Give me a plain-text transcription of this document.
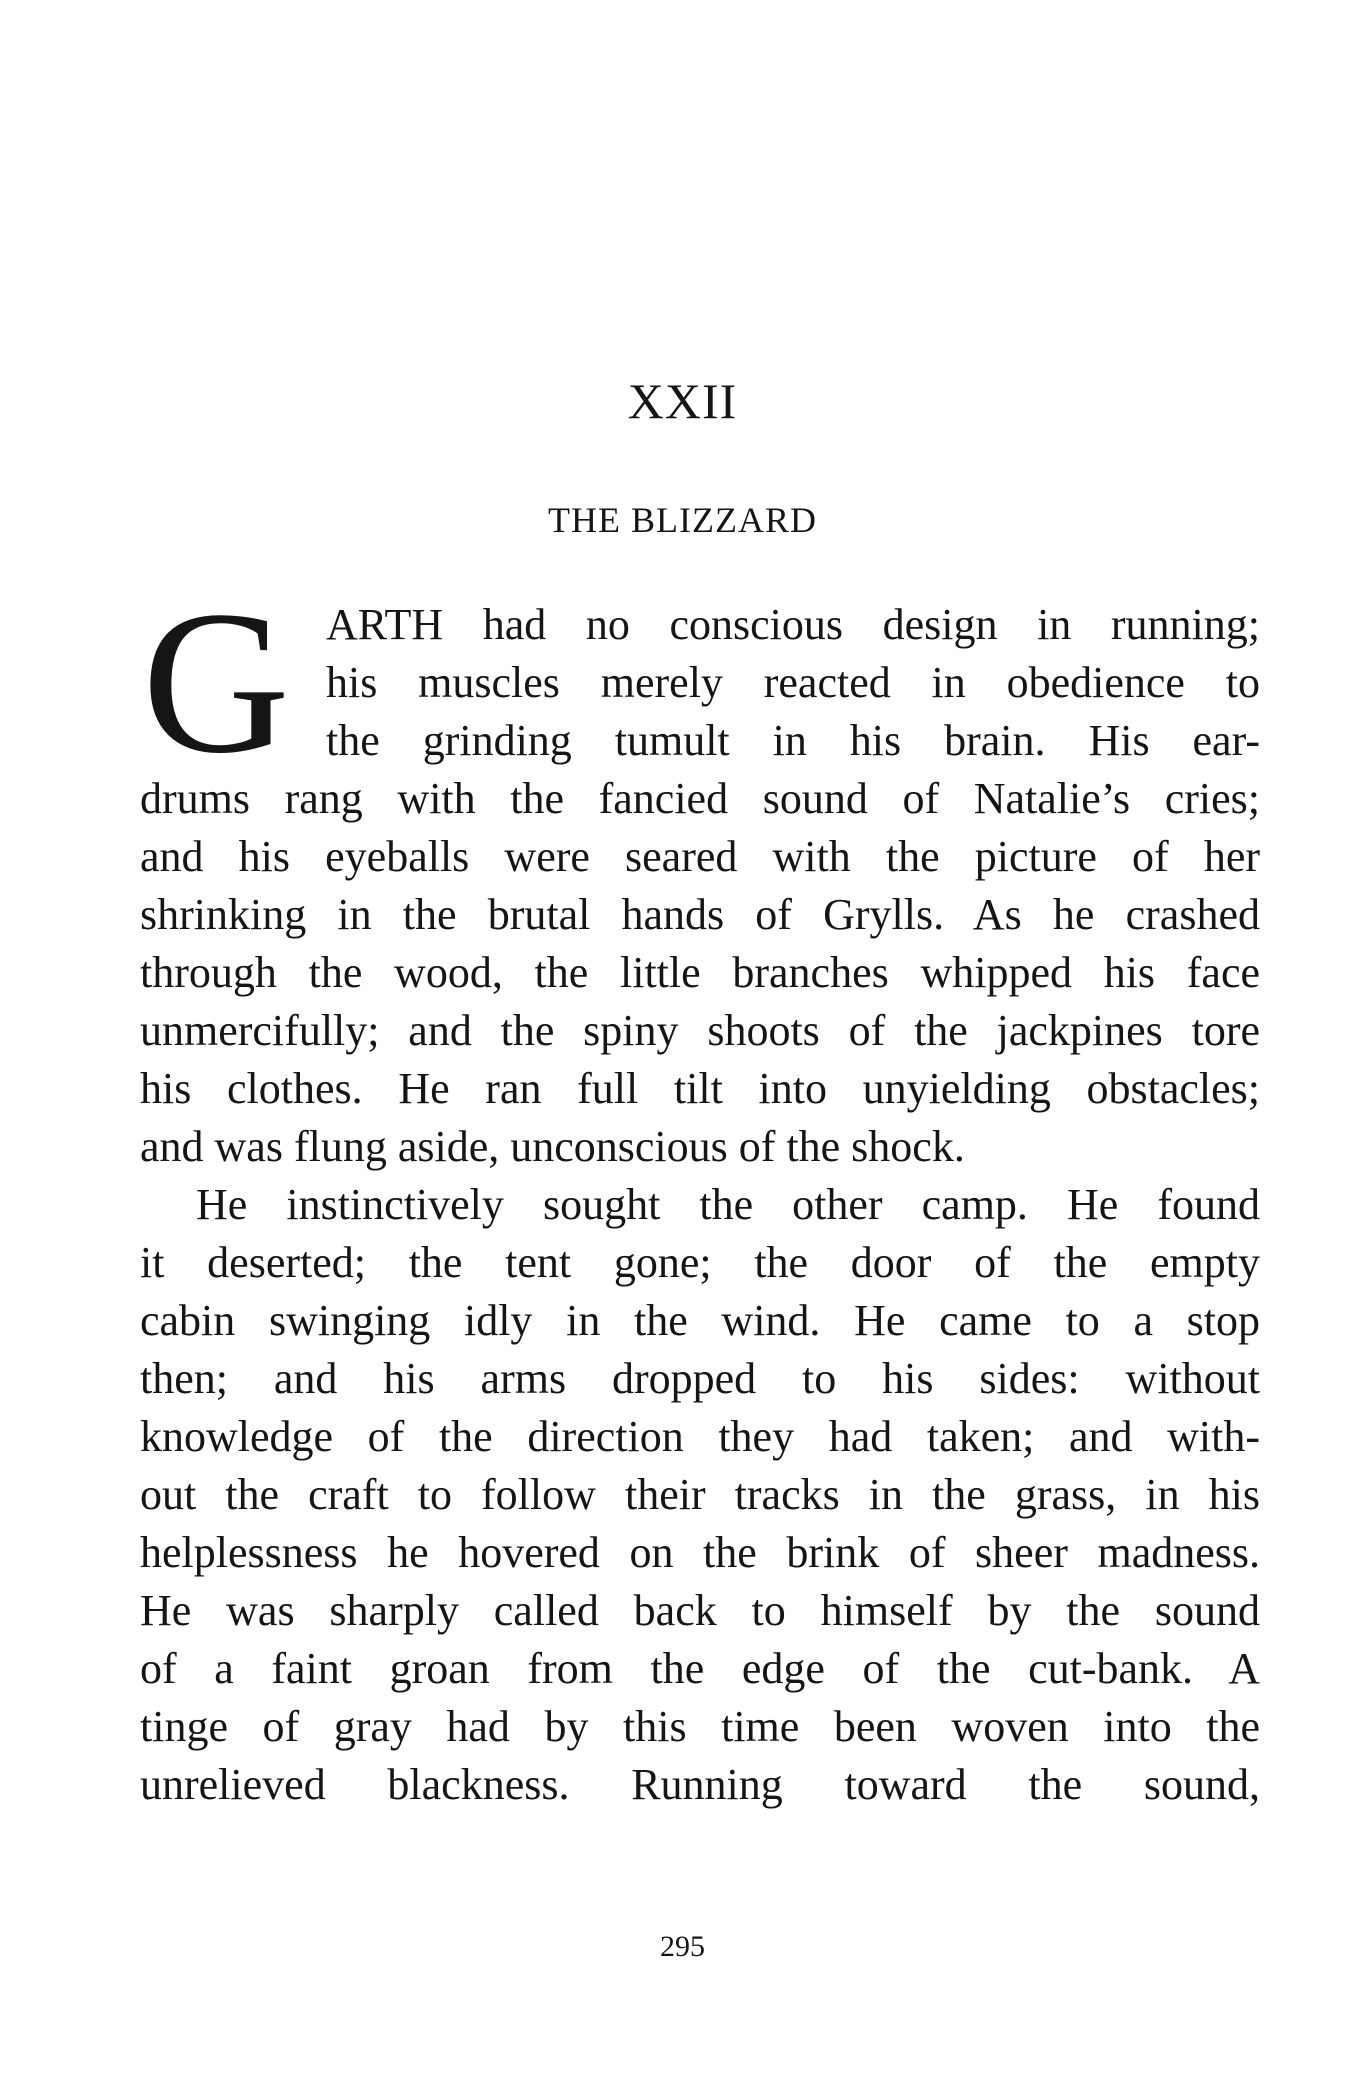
XXII
THE BLIZZARD
G ARTH had no conscious design in running;
his muscles merely reacted in obedience to
the grinding tumult in his brain. His ear-
drums rang with the fancied sound of Natalie’s cries;
and his eyeballs were seared with the picture of her
shrinking in the brutal hands of Grylls. As he crashed
through the wood, the little branches whipped his face
unmercifully; and the spiny shoots of the jackpines tore
his clothes. He ran full tilt into unyielding obstacles;
and was flung aside, unconscious of the shock.
He instinctively sought the other camp. He found
it deserted; the tent gone; the door of the empty
cabin swinging idly in the wind. He came to a stop
then; and his arms dropped to his sides: without
knowledge of the direction they had taken; and with-
out the craft to follow their tracks in the grass, in his
helplessness he hovered on the brink of sheer madness.
He was sharply called back to himself by the sound
of a faint groan from the edge of the cut-bank. A
tinge of gray had by this time been woven into the
unrelieved blackness. Running toward the sound,
295
